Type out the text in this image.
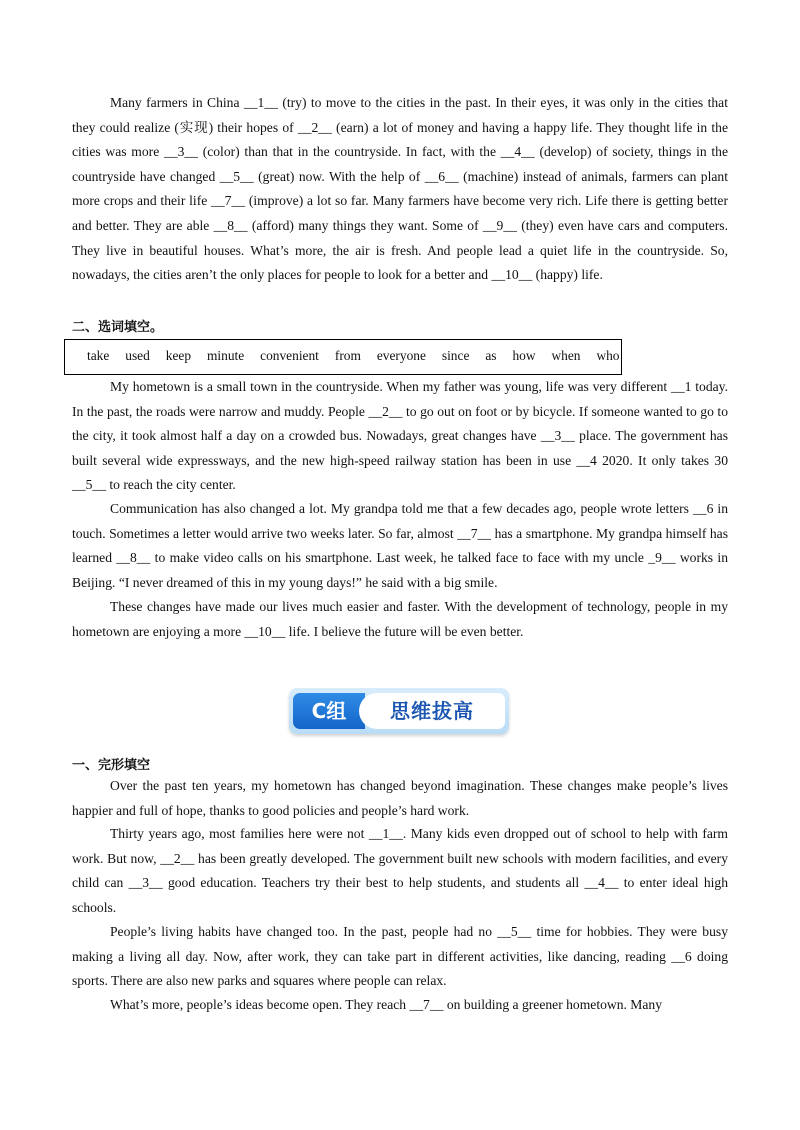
Many farmers in China __1__ (try) to move to the cities in the past. In their eyes, it was only in the cities that they could realize (实现) their hopes of __2__ (earn) a lot of money and having a happy life. They thought life in the cities was more __3__ (color) than that in the countryside. In fact, with the __4__ (develop) of society, things in the countryside have changed __5__ (great) now. With the help of __6__ (machine) instead of animals, farmers can plant more crops and their life __7__ (improve) a lot so far. Many farmers have become very rich. Life there is getting better and better. They are able __8__ (afford) many things they want. Some of __9__ (they) even have cars and computers. They live in beautiful houses. What’s more, the air is fresh. And people lead a quiet life in the countryside. So, nowadays, the cities aren’t the only places for people to look for a better and __10__ (happy) life.

二、选词填空。
take used keep minute convenient from everyone since as how when who

My hometown is a small town in the countryside. When my father was young, life was very different __1 today. In the past, the roads were narrow and muddy. People __2__ to go out on foot or by bicycle. If someone wanted to go to the city, it took almost half a day on a crowded bus. Nowadays, great changes have __3__ place. The government has built several wide expressways, and the new high-speed railway station has been in use __4 2020. It only takes 30 __5__ to reach the city center.

Communication has also changed a lot. My grandpa told me that a few decades ago, people wrote letters __6 in touch. Sometimes a letter would arrive two weeks later. So far, almost __7__ has a smartphone. My grandpa himself has learned __8__ to make video calls on his smartphone. Last week, he talked face to face with my uncle _9__ works in Beijing. “I never dreamed of this in my young days!” he said with a big smile.

These changes have made our lives much easier and faster. With the development of technology, people in my hometown are enjoying a more __10__ life. I believe the future will be even better.

C组	思维拔高
一、完形填空

Over the past ten years, my hometown has changed beyond imagination. These changes make people’s lives happier and full of hope, thanks to good policies and people’s hard work.

Thirty years ago, most families here were not __1__. Many kids even dropped out of school to help with farm work. But now, __2__ has been greatly developed. The government built new schools with modern facilities, and every child can __3__ good education. Teachers try their best to help students, and students all __4__ to enter ideal high schools.

People’s living habits have changed too. In the past, people had no __5__ time for hobbies. They were busy making a living all day. Now, after work, they can take part in different activities, like dancing, reading __6 doing sports. There are also new parks and squares where people can relax.

What’s more, people’s ideas become open. They reach __7__ on building a greener hometown. Many
